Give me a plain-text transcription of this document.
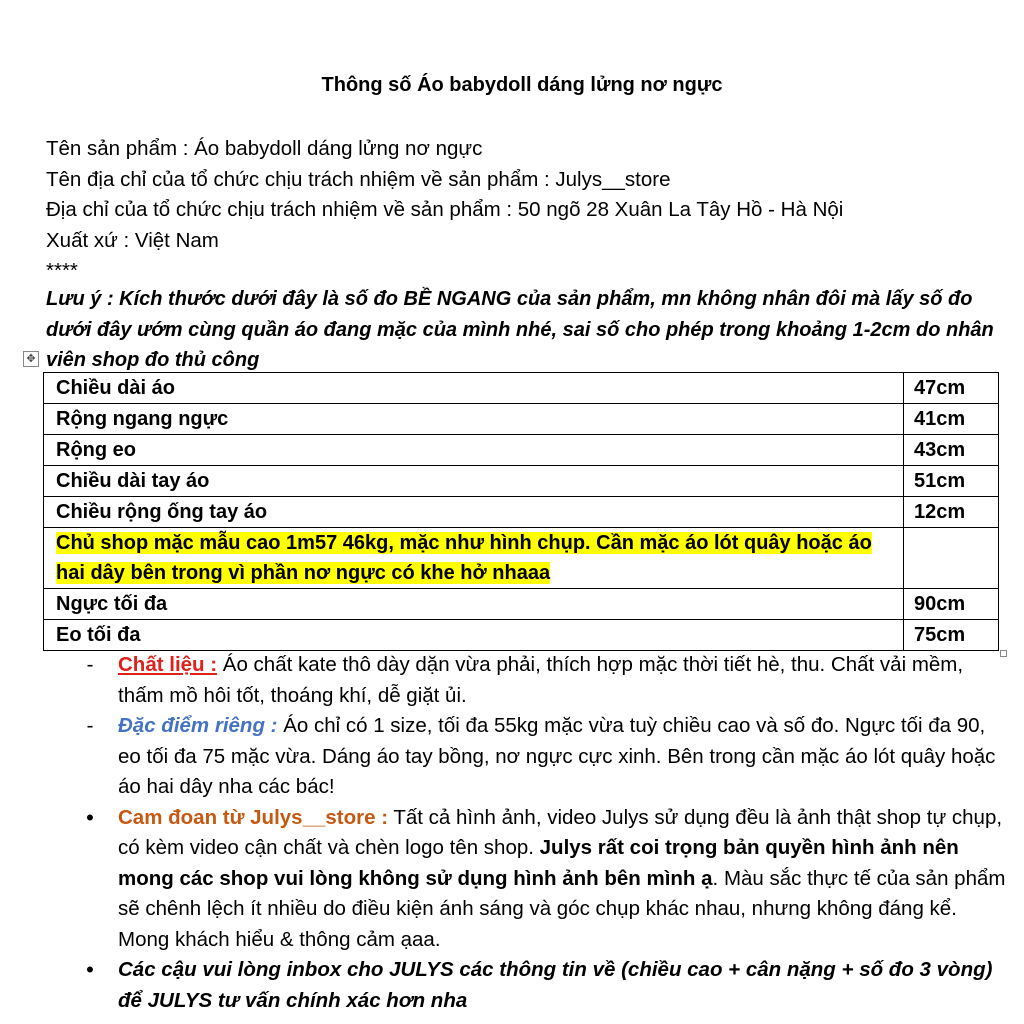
Thông số Áo babydoll dáng lửng nơ ngực
Tên sản phẩm : Áo babydoll dáng lửng nơ ngực
Tên địa chỉ của tổ chức chịu trách nhiệm về sản phẩm : Julys__store
Địa chỉ của tổ chức chịu trách nhiệm về sản phẩm : 50 ngõ 28 Xuân La Tây Hồ - Hà Nội
Xuất xứ : Việt Nam
****
Lưu ý : Kích thước dưới đây là số đo BỀ NGANG của sản phẩm, mn không nhân đôi mà lấy số đo dưới đây ướm cùng quần áo đang mặc của mình nhé, sai số cho phép trong khoảng 1-2cm do nhân viên shop đo thủ công
✥
Chiều dài áo	47cm
Rộng ngang ngực	41cm
Rộng eo	43cm
Chiều dài tay áo	51cm
Chiều rộng ống tay áo	12cm
Chủ shop mặc mẫu cao 1m57 46kg, mặc như hình chụp. Cần mặc áo lót quây hoặc áo hai dây bên trong vì phần nơ ngực có khe hở nhaaa	
Ngực tối đa	90cm
Eo tối đa	75cm
-	Chất liệu : Áo chất kate thô dày dặn vừa phải, thích hợp mặc thời tiết hè, thu. Chất vải mềm, thấm mồ hôi tốt, thoáng khí, dễ giặt ủi.
-	Đặc điểm riêng : Áo chỉ có 1 size, tối đa 55kg mặc vừa tuỳ chiều cao và số đo. Ngực tối đa 90, eo tối đa 75 mặc vừa. Dáng áo tay bồng, nơ ngực cực xinh. Bên trong cần mặc áo lót quây hoặc áo hai dây nha các bác!
•	Cam đoan từ Julys__store : Tất cả hình ảnh, video Julys sử dụng đều là ảnh thật shop tự chụp, có kèm video cận chất và chèn logo tên shop. Julys rất coi trọng bản quyền hình ảnh nên mong các shop vui lòng không sử dụng hình ảnh bên mình ạ. Màu sắc thực tế của sản phẩm sẽ chênh lệch ít nhiều do điều kiện ánh sáng và góc chụp khác nhau, nhưng không đáng kể. Mong khách hiểu & thông cảm ạaa.
•	Các cậu vui lòng inbox cho JULYS các thông tin về (chiều cao + cân nặng + số đo 3 vòng) để JULYS tư vấn chính xác hơn nha
